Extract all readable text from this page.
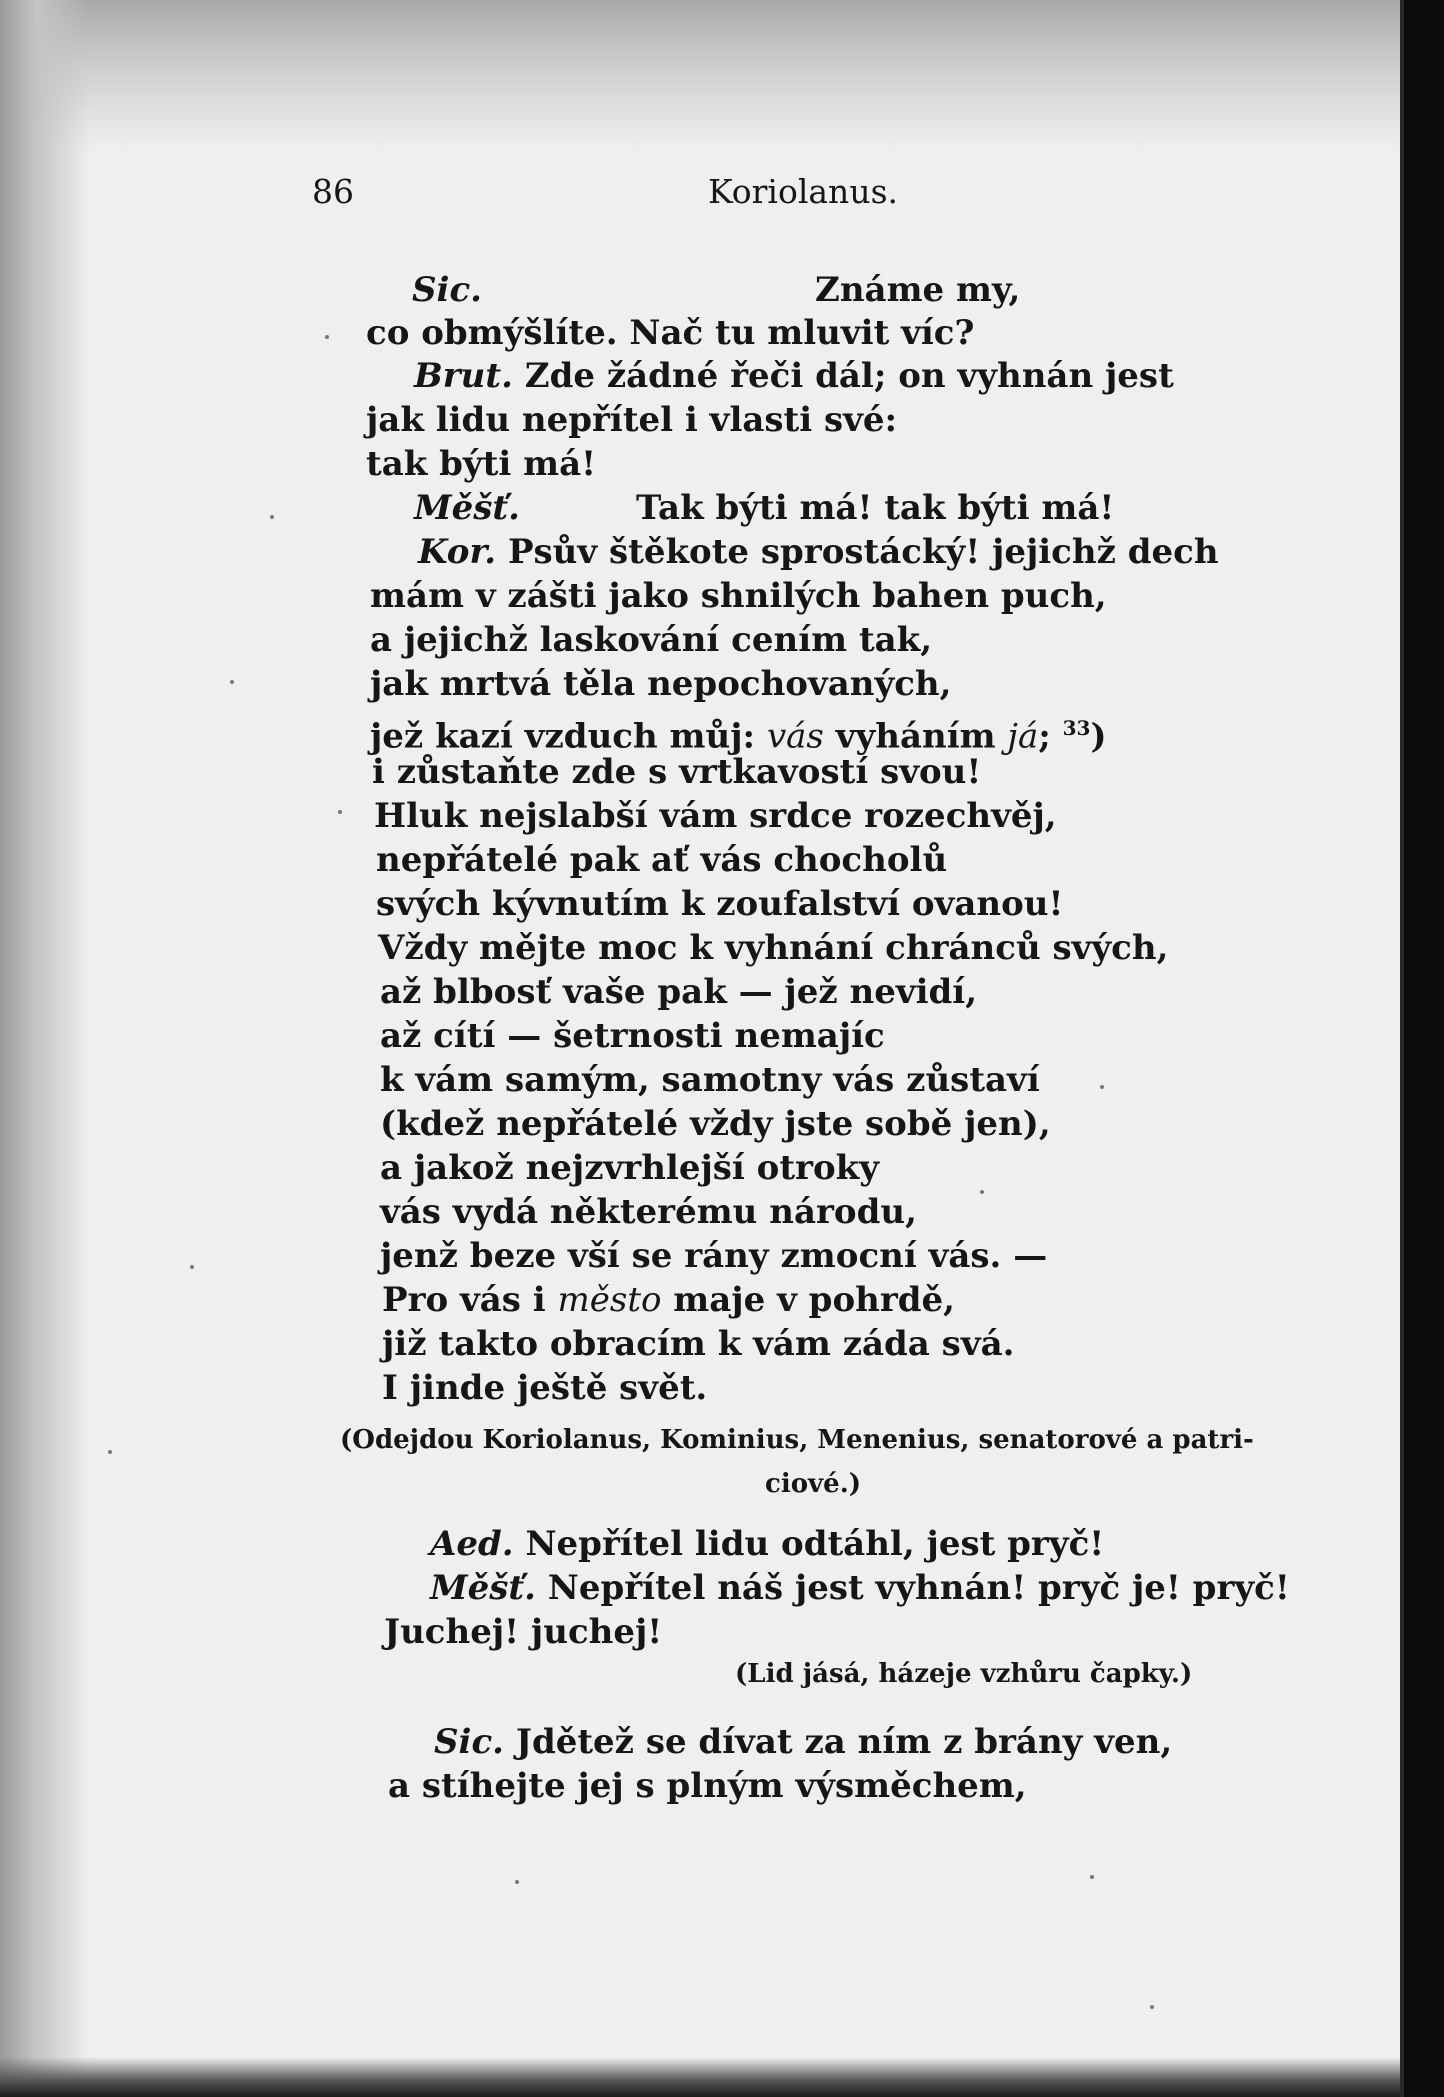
86	Koriolanus.
Sic.	Známe my,
co obmýšlíte. Nač tu mluvit víc?
Brut. Zde žádné řeči dál; on vyhnán jest
jak lidu nepřítel i vlasti své:
tak býti má!
Měšť.	Tak býti má! tak býti má!
Kor. Psův štěkote sprostácký! jejichž dech
mám v zášti jako shnilých bahen puch,
a jejichž laskování cením tak,
jak mrtvá těla nepochovaných,
jež kazí vzduch můj: vás vyháním já; $^{33}$)
i zůstaňte zde s vrtkavostí svou!
Hluk nejslabší vám srdce rozechvěj,
nepřátelé pak ať vás chocholů
svých kývnutím k zoufalství ovanou!
Vždy mějte moc k vyhnání chránců svých,
až blbosť vaše pak — jež nevidí,
až cítí — šetrnosti nemajíc
k vám samým, samotny vás zůstaví
(kdež nepřátelé vždy jste sobě jen),
a jakož nejzvrhlejší otroky
vás vydá některému národu,
jenž beze vší se rány zmocní vás. —
Pro vás i město maje v pohrdě,
již takto obracím k vám záda svá.
I jinde ještě svět.
(Odejdou Koriolanus, Kominius, Menenius, senatorové a patri-
ciové.)
Aed. Nepřítel lidu odtáhl, jest pryč!
Měšť. Nepřítel náš jest vyhnán! pryč je! pryč!
Juchej! juchej!
(Lid jásá, házeje vzhůru čapky.)
Sic. Jdětež se dívat za ním z brány ven,
a stíhejte jej s plným výsměchem,
